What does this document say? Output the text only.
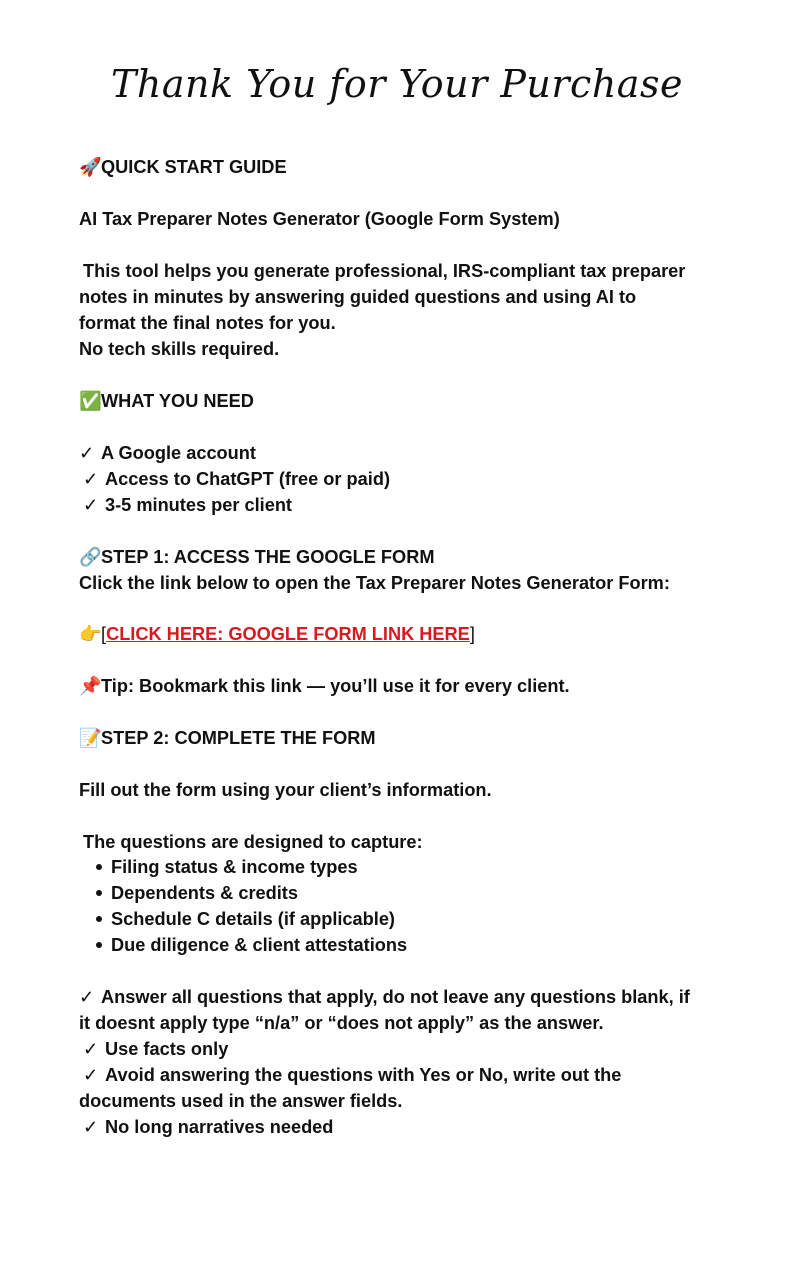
Thank You for Your Purchase
🚀QUICK START GUIDE
AI Tax Preparer Notes Generator (Google Form System)
This tool helps you generate professional, IRS-compliant tax preparer
notes in minutes by answering guided questions and using AI to
format the final notes for you.
No tech skills required.
✅WHAT YOU NEED
✓ A Google account
✓ Access to ChatGPT (free or paid)
✓ 3-5 minutes per client
🔗STEP 1: ACCESS THE GOOGLE FORM
Click the link below to open the Tax Preparer Notes Generator Form:
👉[CLICK HERE: GOOGLE FORM LINK HERE]
📌Tip: Bookmark this link — you’ll use it for every client.
📝STEP 2: COMPLETE THE FORM
Fill out the form using your client’s information.
The questions are designed to capture:
Filing status & income types
Dependents & credits
Schedule C details (if applicable)
Due diligence & client attestations
✓ Answer all questions that apply, do not leave any questions blank, if
it doesnt apply type “n/a” or “does not apply” as the answer.
✓ Use facts only
✓ Avoid answering the questions with Yes or No, write out the
documents used in the answer fields.
✓ No long narratives needed
